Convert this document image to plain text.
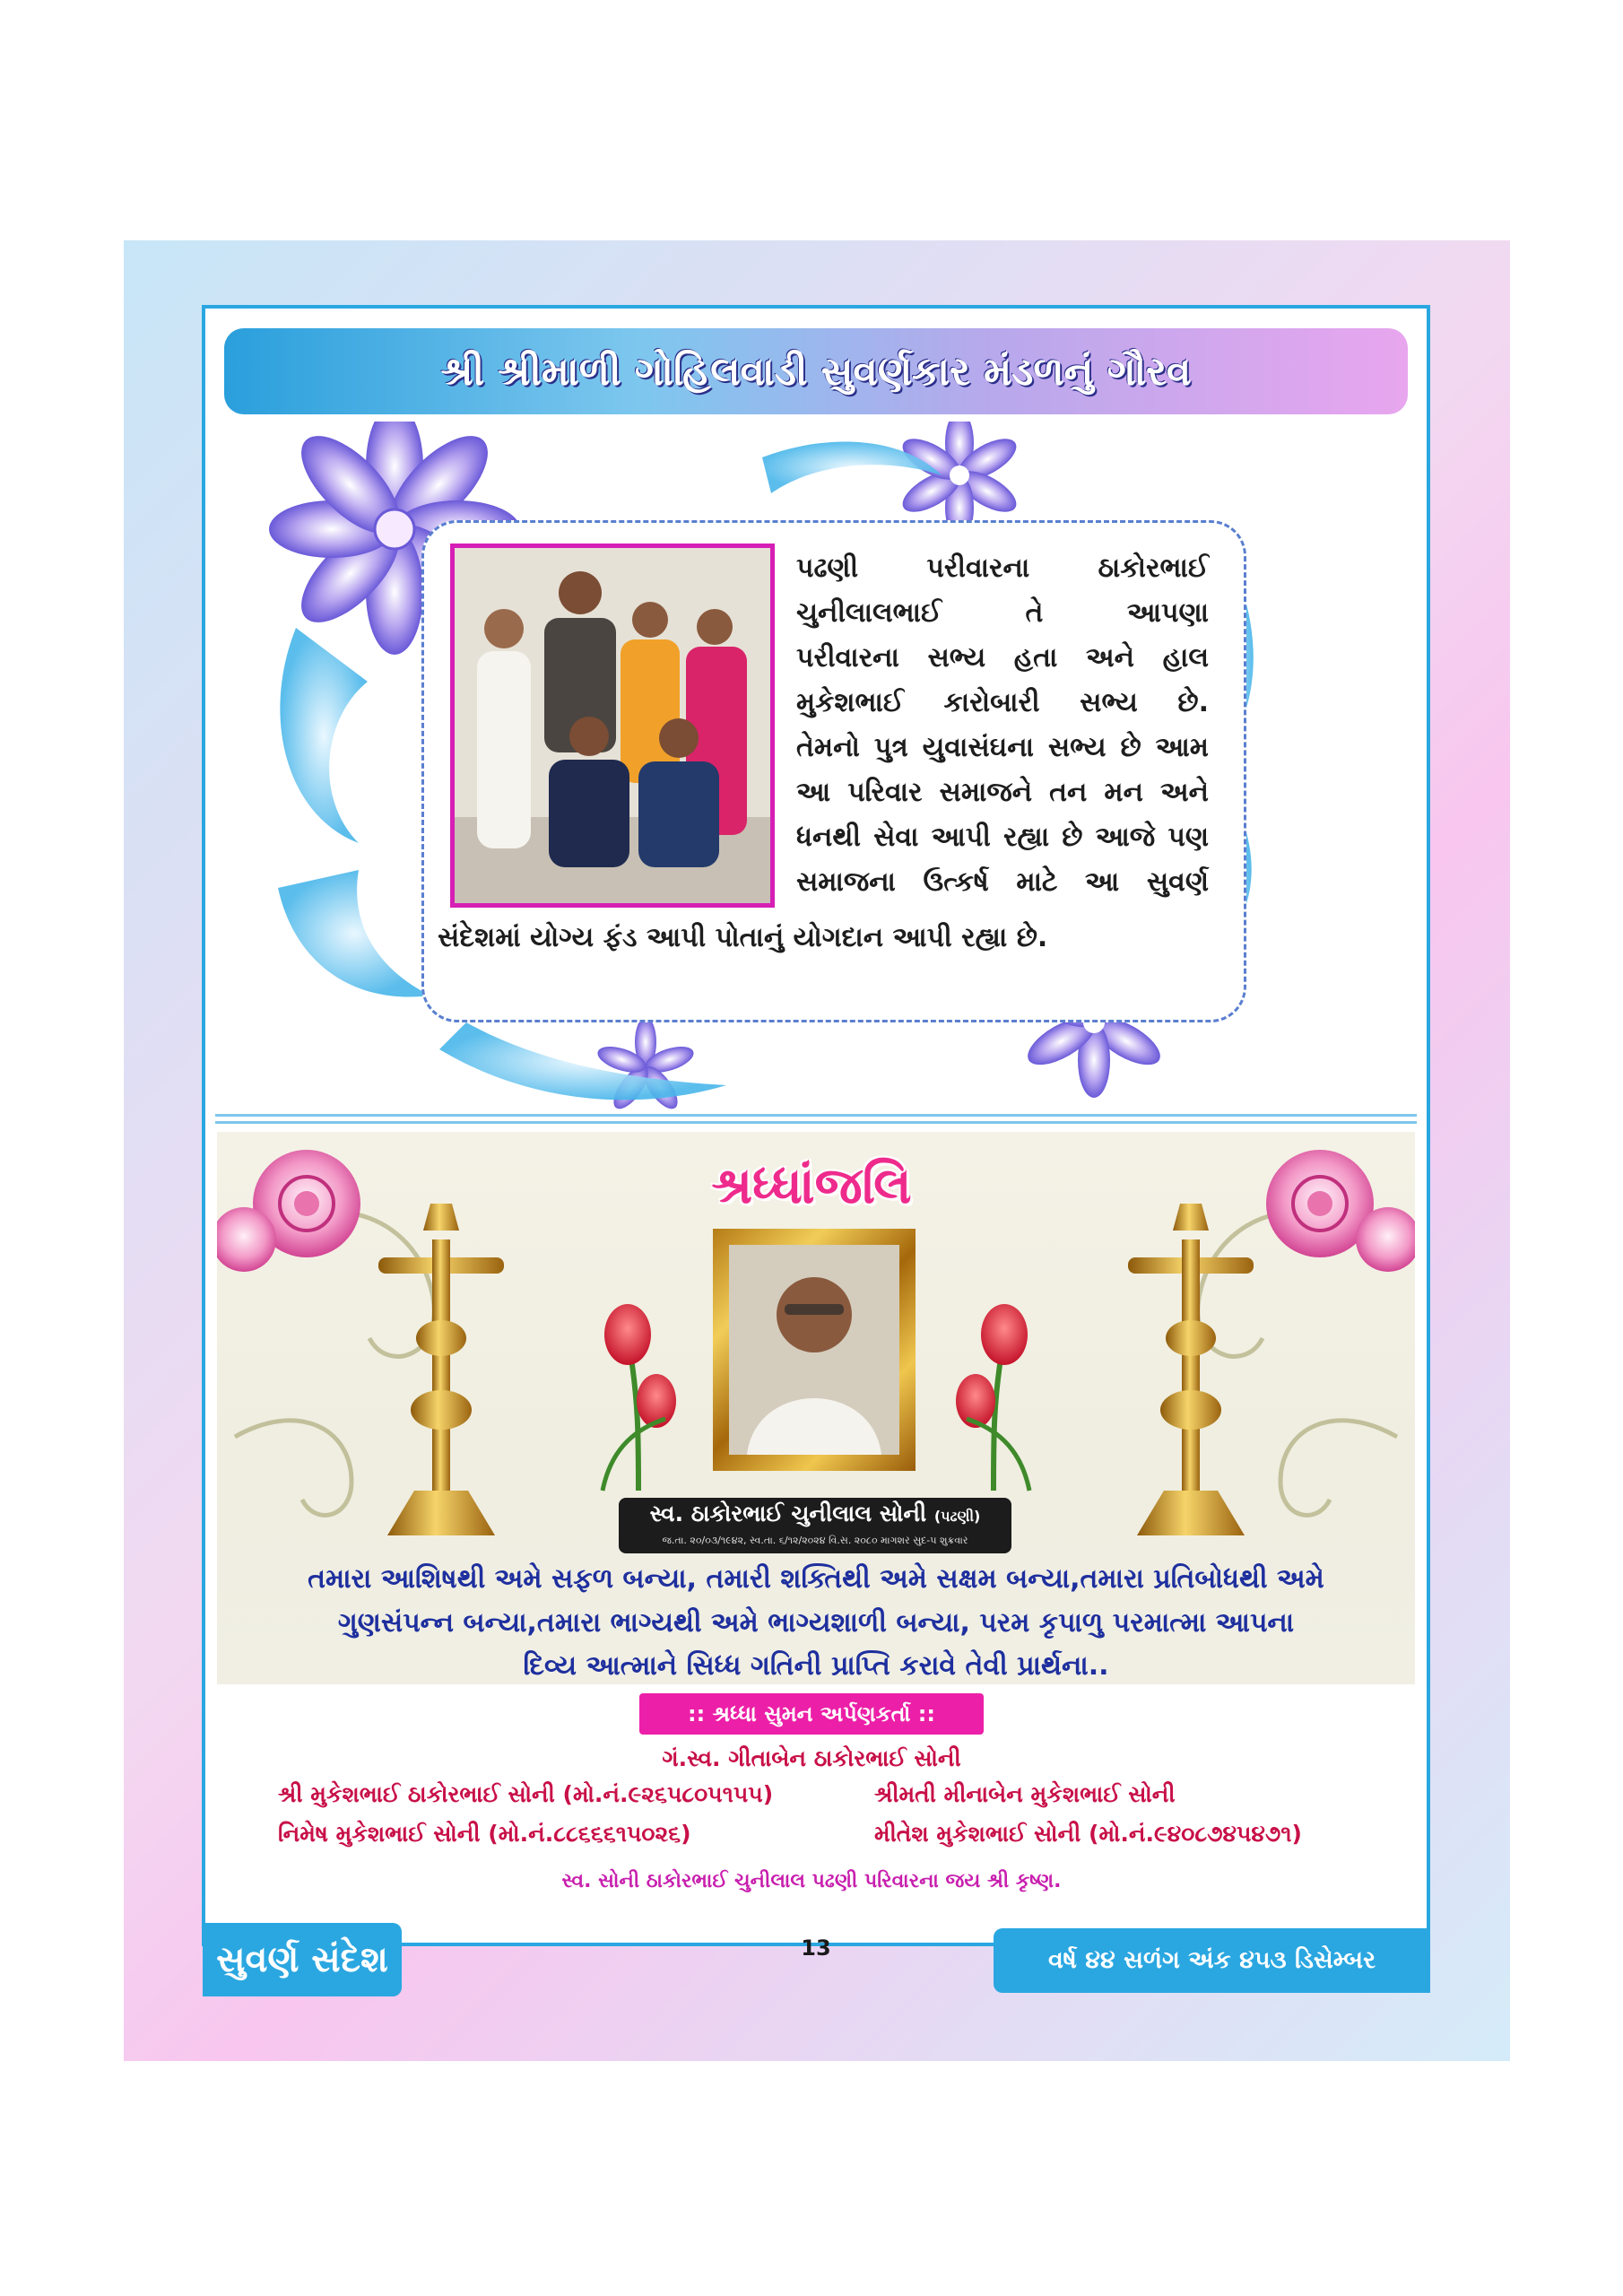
શ્રી શ્રીમાળી ગોહિલવાડી સુવર્ણકાર મંડળનું ગૌરવ
પઢણી પરીવારના ઠાકોરભાઈ
ચુનીલાલભાઈ તે આપણા
પરીવારના સભ્ય હતા અને હાલ
મુકેશભાઈ કારોબારી સભ્ય છે.
તેમનો પુત્ર યુવાસંઘના સભ્ય છે આમ
આ પરિવાર સમાજને તન મન અને
ધનથી સેવા આપી રહ્યા છે આજે પણ
સમાજના ઉત્કર્ષ માટે આ સુવર્ણ
સંદેશમાં યોગ્ય ફંડ આપી પોતાનું યોગદાન આપી રહ્યા છે.
શ્રધ્ધાંજલિ
સ્વ. ઠાકોરભાઈ ચુનીલાલ સોની (પઢણી)
જ.તા. ૨૦/૦૩/૧૯૪૨, સ્વ.તા. ૬/૧૨/૨૦૨૪ વિ.સ. ૨૦૮૦ માગશર સુદ-૫ શુક્રવાર
તમારા આશિષથી અમે સફળ બન્યા, તમારી શક્તિથી અમે સક્ષમ બન્યા,તમારા પ્રતિબોધથી અમે
ગુણસંપન્ન બન્યા,તમારા ભાગ્યથી અમે ભાગ્યશાળી બન્યા, પરમ કૃપાળુ પરમાત્મા આપના
દિવ્ય આત્માને સિધ્ધ ગતિની પ્રાપ્તિ કરાવે તેવી પ્રાર્થના..
:: શ્રધ્ધા સુમન અર્પણકર્તા ::
ગં.સ્વ. ગીતાબેન ઠાકોરભાઈ સોની
શ્રી મુકેશભાઈ ઠાકોરભાઈ સોની (મો.નં.૯૨૬૫૮૦૫૧૫૫)	શ્રીમતી મીનાબેન મુકેશભાઈ સોની
નિમેષ મુકેશભાઈ સોની (મો.નં.૮૮૬૬૬૧૫૦૨૬)	મીતેશ મુકેશભાઈ સોની (મો.નં.૯૪૦૮૭૪૫૪૭૧)
સ્વ. સોની ઠાકોરભાઈ ચુનીલાલ પઢણી પરિવારના જય શ્રી કૃષ્ણ.
સુવર્ણ સંદેશ	13	વર્ષ ૪૪ સળંગ અંક ૪૫૩ ડિસેમ્બર
